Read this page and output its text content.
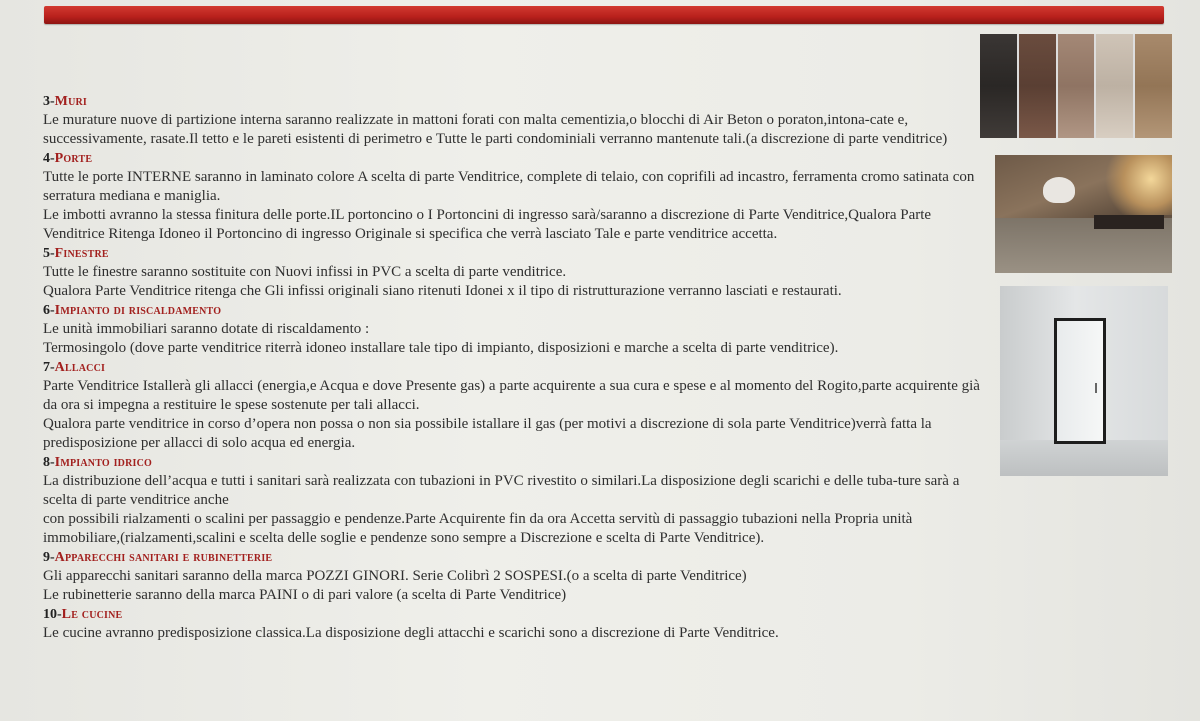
3-Muri

Le murature nuove di partizione interna saranno realizzate in mattoni forati con malta cementizia,o blocchi di Air Beton o poraton,intona-cate e, successivamente, rasate.Il tetto e le pareti esistenti di perimetro e Tutte le parti condominiali verranno mantenute tali.(a discrezione di parte venditrice)

4-Porte

Tutte le porte INTERNE saranno in laminato colore A scelta di parte Venditrice, complete di telaio, con coprifili ad incastro, ferramenta cromo satinata con serratura mediana e maniglia.

Le imbotti avranno la stessa finitura delle porte.IL portoncino o I Portoncini di ingresso sarà/saranno a discrezione di Parte Venditrice,Qualora Parte Venditrice Ritenga Idoneo il Portoncino di ingresso Originale si specifica che verrà lasciato Tale e parte venditrice accetta.

5-Finestre

Tutte le finestre saranno sostituite con Nuovi infissi in PVC a scelta di parte venditrice.

Qualora Parte Venditrice ritenga che Gli infissi originali siano ritenuti Idonei x il tipo di ristrutturazione verranno lasciati e restaurati.

6-Impianto di riscaldamento

Le unità immobiliari saranno dotate di riscaldamento :

Termosingolo (dove parte venditrice riterrà idoneo installare tale tipo di impianto, disposizioni e marche a scelta di parte venditrice).

7-Allacci

Parte Venditrice Istallerà gli allacci (energia,e Acqua e dove Presente gas) a parte acquirente a sua cura e spese e al momento del Rogito,parte acquirente già da ora si impegna a restituire le spese sostenute per tali allacci.

Qualora parte venditrice in corso d’opera non possa o non sia possibile istallare il gas (per motivi a discrezione di sola parte Venditrice)verrà fatta la predisposizione per allacci di solo acqua ed energia.

8-Impianto idrico

La distribuzione dell’acqua e tutti i sanitari sarà realizzata con tubazioni in PVC rivestito o similari.La disposizione degli scarichi e delle tuba-ture sarà a scelta di parte venditrice anche

con possibili rialzamenti o scalini per passaggio e pendenze.Parte Acquirente fin da ora Accetta servitù di passaggio tubazioni nella Propria unità immobiliare,(rialzamenti,scalini e scelta delle soglie e pendenze sono sempre a Discrezione e scelta di Parte Venditrice).

9-Apparecchi sanitari e rubinetterie

Gli apparecchi sanitari saranno della marca POZZI GINORI. Serie Colibrì 2 SOSPESI.(o a scelta di parte Venditrice)

Le rubinetterie saranno della marca PAINI o di pari valore (a scelta di Parte Venditrice)

10-Le cucine

Le cucine avranno predisposizione classica.La disposizione degli attacchi e scarichi sono a discrezione di Parte Venditrice.
